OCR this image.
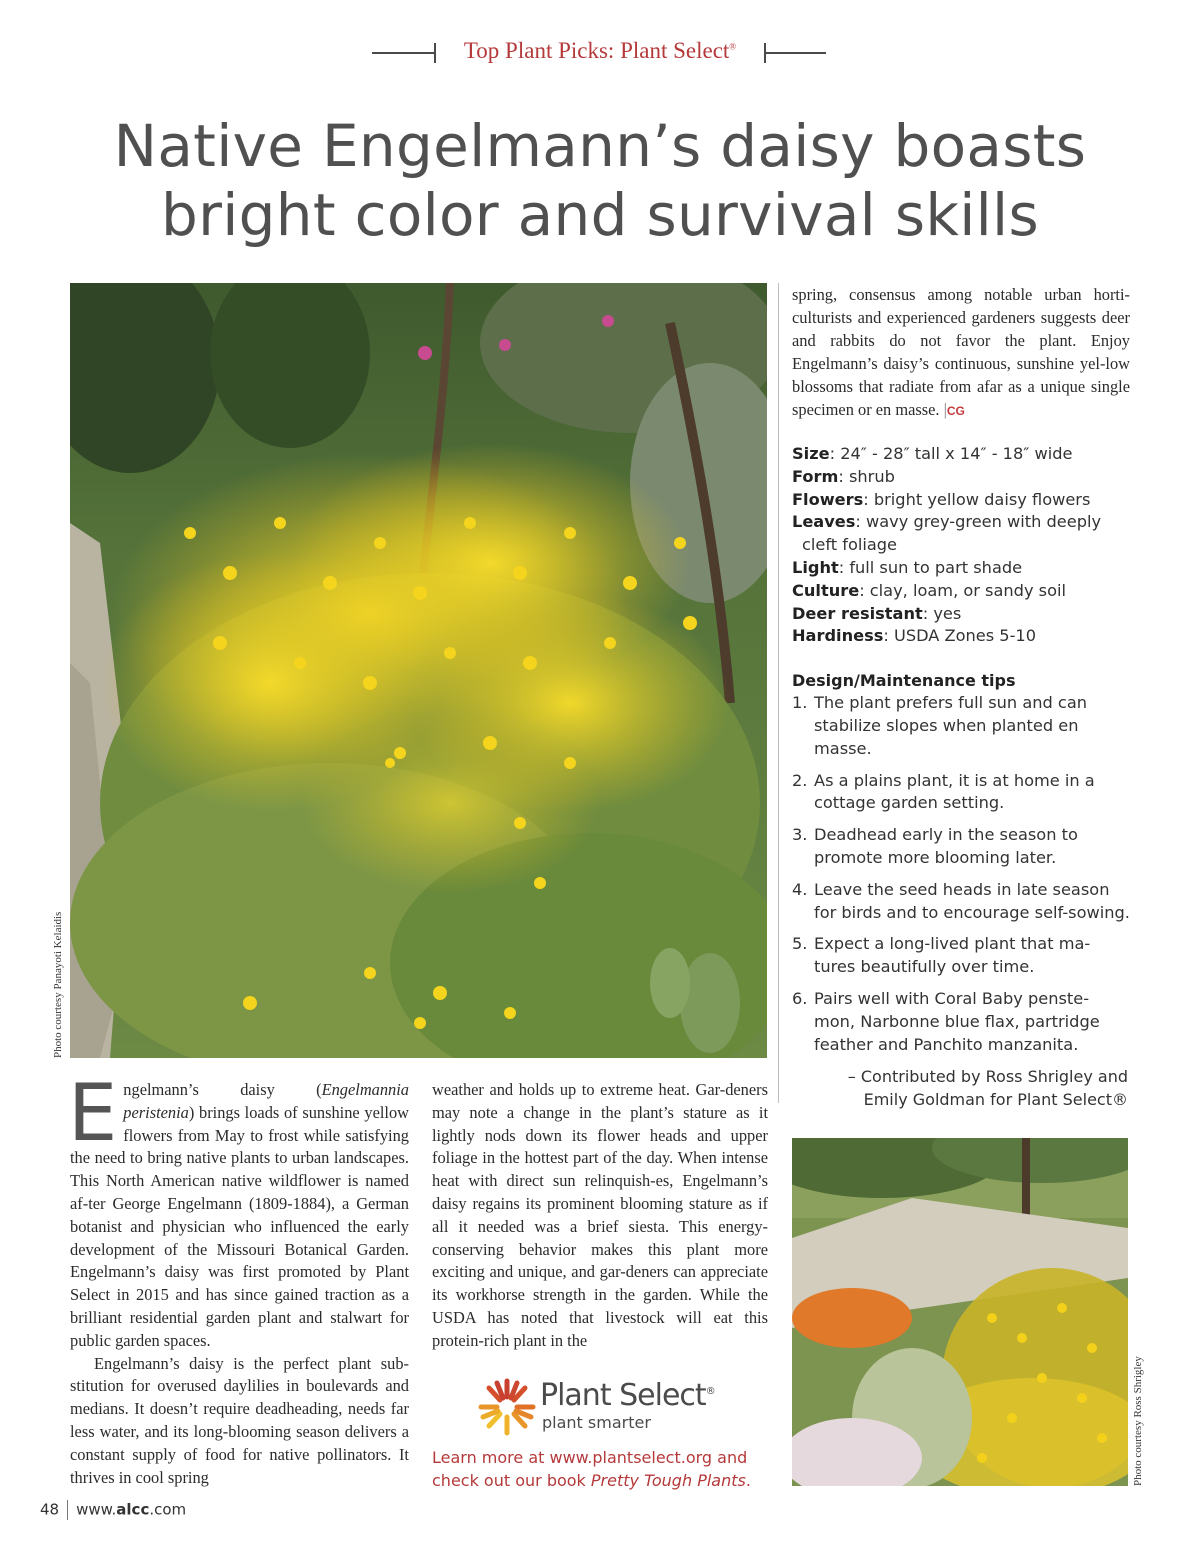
Top Plant Picks: Plant Select®
Native Engelmann’s daisy boasts
bright color and survival skills
Photo courtesy Panayoti Kelaidis

spring, consensus among notable urban horti-culturists and experienced gardeners suggests deer and rabbits do not favor the plant. Enjoy Engelmann’s daisy’s continuous, sunshine yel-low blossoms that radiate from afar as a unique single specimen or en masse. |CG

Size: 24″ - 28″ tall x 14″ - 18″ wide
Form: shrub
Flowers: bright yellow daisy flowers
Leaves: wavy grey-green with deeply
cleft foliage
Light: full sun to part shade
Culture: clay, loam, or sandy soil
Deer resistant: yes
Hardiness: USDA Zones 5-10
Design/Maintenance tips
1. The plant prefers full sun and can stabilize slopes when planted en masse.
2. As a plains plant, it is at home in a cottage garden setting.
3. Deadhead early in the season to promote more blooming later.
4. Leave the seed heads in late season for birds and to encourage self-sowing.
5. Expect a long-lived plant that ma-tures beautifully over time.
6. Pairs well with Coral Baby penste-mon, Narbonne blue flax, partridge feather and Panchito manzanita.
– Contributed by Ross Shrigley and
Emily Goldman for Plant Select®
Photo courtesy Ross Shrigley

Engelmann’s daisy (Engelmannia peristenia) brings loads of sunshine yellow flowers from May to frost while satisfying the need to bring native plants to urban landscapes. This North American native wildflower is named af-ter George Engelmann (1809-1884), a German botanist and physician who influenced the early development of the Missouri Botanical Garden. Engelmann’s daisy was first promoted by Plant Select in 2015 and has since gained traction as a brilliant residential garden plant and stalwart for public garden spaces.

Engelmann’s daisy is the perfect plant sub-stitution for overused daylilies in boulevards and medians. It doesn’t require deadheading, needs far less water, and its long-blooming season delivers a constant supply of food for native pollinators. It thrives in cool spring

weather and holds up to extreme heat. Gar-deners may note a change in the plant’s stature as it lightly nods down its flower heads and upper foliage in the hottest part of the day. When intense heat with direct sun relinquish-es, Engelmann’s daisy regains its prominent blooming stature as if all it needed was a brief siesta. This energy-conserving behavior makes this plant more exciting and unique, and gar-deners can appreciate its workhorse strength in the garden. While the USDA has noted that livestock will eat this protein-rich plant in the

Plant Select®
plant smarter

Learn more at www.plantselect.org and check out our book Pretty Tough Plants.

48 www.alcc.com
